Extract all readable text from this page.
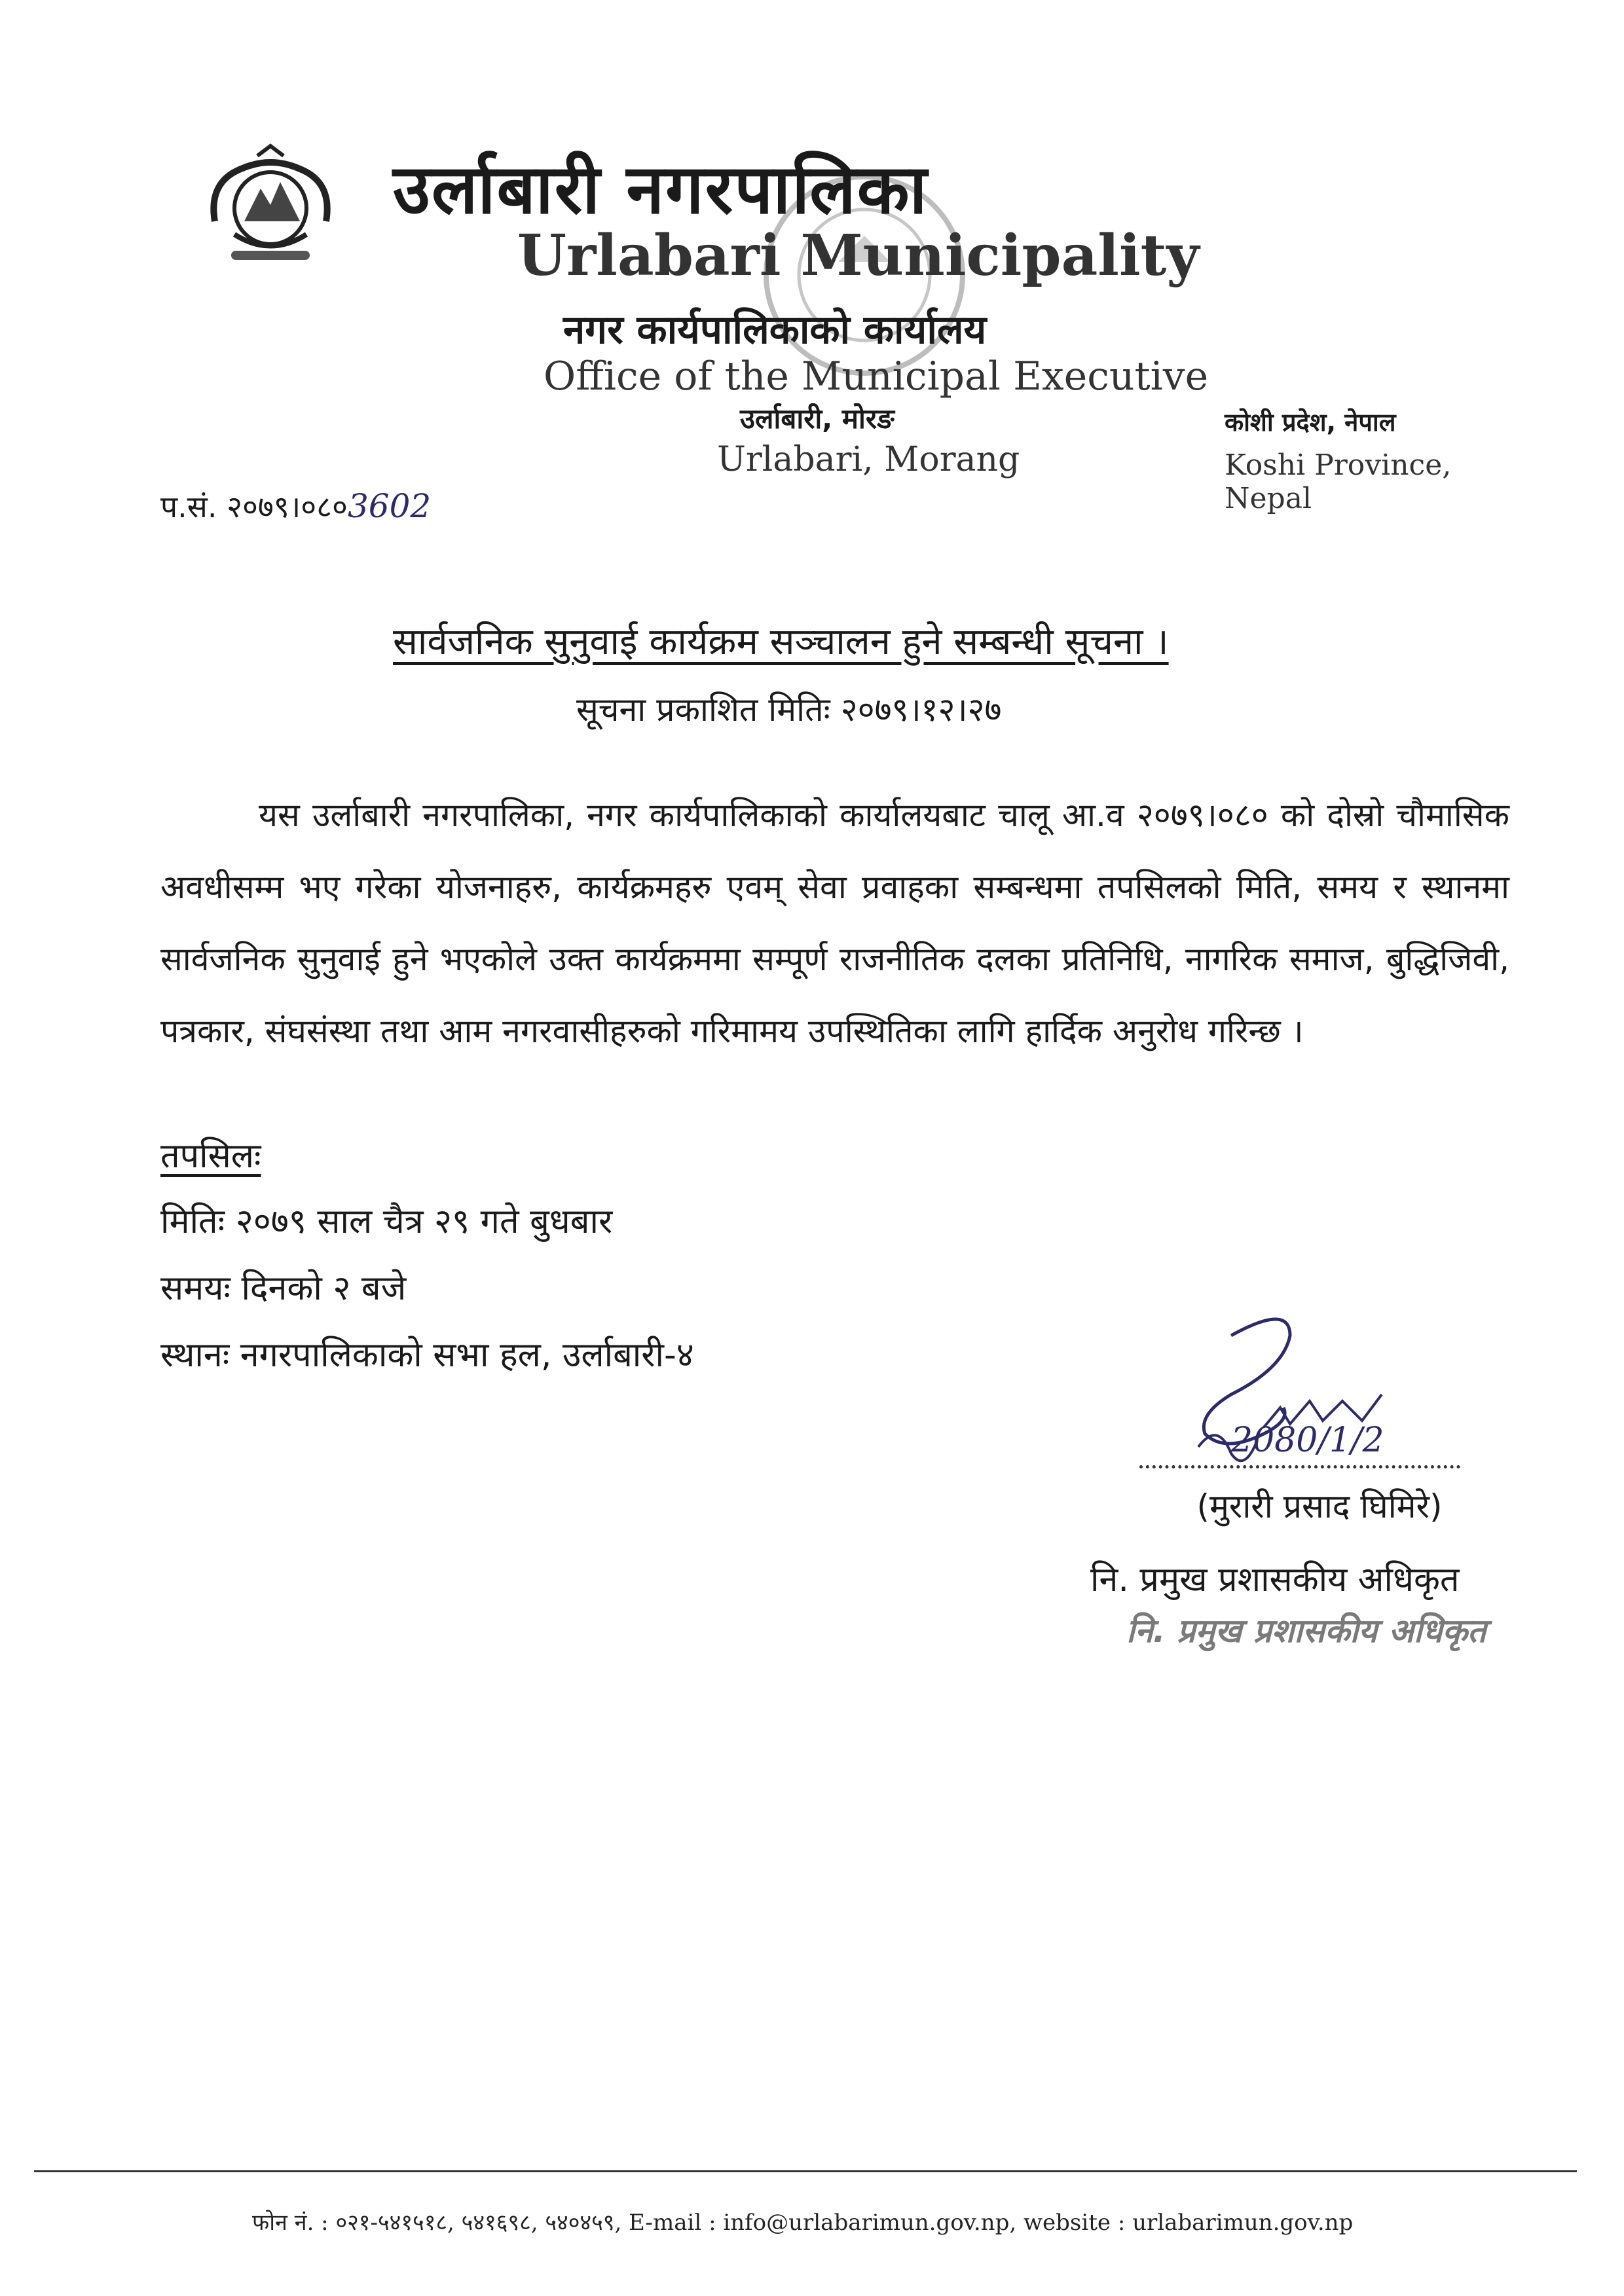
उर्लाबारी नगरपालिका
Urlabari Municipality
नगर कार्यपालिकाको कार्यालय
Office of the Municipal Executive
उर्लाबारी, मोरङ
Urlabari, Morang
कोशी प्रदेश, नेपाल
Koshi Province, Nepal
प.सं. २०७९।०८०3602
सार्वजनिक सुनुवाई कार्यक्रम सञ्चालन हुने सम्बन्धी सूचना ।
सूचना प्रकाशित मितिः २०७९।१२।२७
यस उर्लाबारी नगरपालिका, नगर कार्यपालिकाको कार्यालयबाट चालू आ.व २०७९।०८० को दोस्रो चौमासिक अवधीसम्म भए गरेका योजनाहरु, कार्यक्रमहरु एवम् सेवा प्रवाहका सम्बन्धमा तपसिलको मिति, समय र स्थानमा सार्वजनिक सुनुवाई हुने भएकोले उक्त कार्यक्रममा सम्पूर्ण राजनीतिक दलका प्रतिनिधि, नागरिक समाज, बुद्धिजिवी, पत्रकार, संघसंस्था तथा आम नगरवासीहरुको गरिमामय उपस्थितिका लागि हार्दिक अनुरोध गरिन्छ ।
तपसिलः
मितिः २०७९ साल चैत्र २९ गते बुधबार
समयः दिनको २ बजे
स्थानः नगरपालिकाको सभा हल, उर्लाबारी-४
2080/1/2
(मुरारी प्रसाद घिमिरे)
नि. प्रमुख प्रशासकीय अधिकृत
नि. प्रमुख प्रशासकीय अधिकृत
फोन नं. : ०२१-५४१५१८, ५४१६९८, ५४०४५९, E-mail : info@urlabarimun.gov.np, website : urlabarimun.gov.np
